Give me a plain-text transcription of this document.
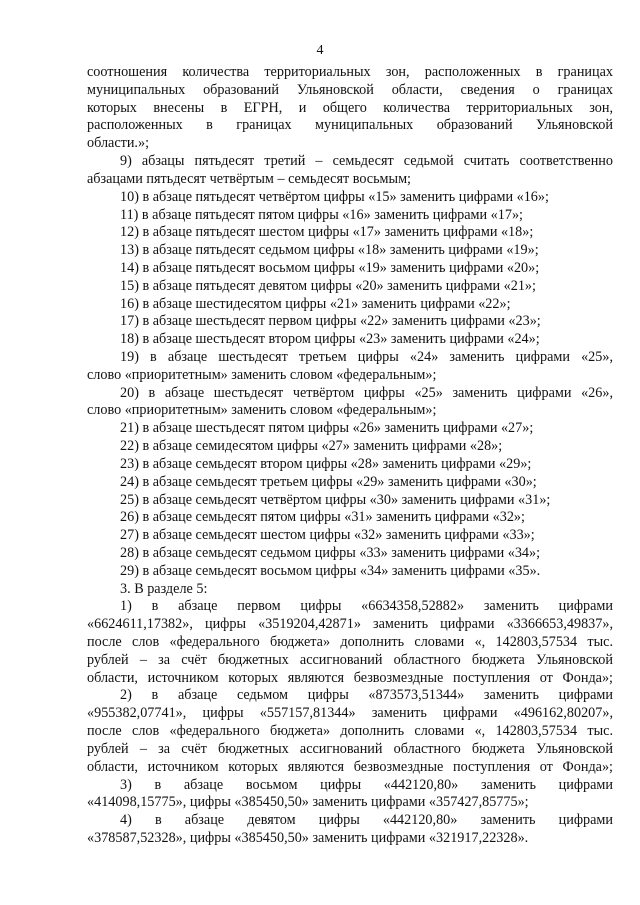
4
соотношения количества территориальных зон, расположенных в границах
муниципальных образований Ульяновской области, сведения о границах
которых внесены в ЕГРН, и общего количества территориальных зон,
расположенных в границах муниципальных образований Ульяновской
области.»;
9) абзацы пятьдесят третий – семьдесят седьмой считать соответственно
абзацами пятьдесят четвёртым – семьдесят восьмым;
10) в абзаце пятьдесят четвёртом цифры «15» заменить цифрами «16»;
11) в абзаце пятьдесят пятом цифры «16» заменить цифрами «17»;
12) в абзаце пятьдесят шестом цифры «17» заменить цифрами «18»;
13) в абзаце пятьдесят седьмом цифры «18» заменить цифрами «19»;
14) в абзаце пятьдесят восьмом цифры «19» заменить цифрами «20»;
15) в абзаце пятьдесят девятом цифры «20» заменить цифрами «21»;
16) в абзаце шестидесятом цифры «21» заменить цифрами «22»;
17) в абзаце шестьдесят первом цифры «22» заменить цифрами «23»;
18) в абзаце шестьдесят втором цифры «23» заменить цифрами «24»;
19) в абзаце шестьдесят третьем цифры «24» заменить цифрами «25»,
слово «приоритетным» заменить словом «федеральным»;
20) в абзаце шестьдесят четвёртом цифры «25» заменить цифрами «26»,
слово «приоритетным» заменить словом «федеральным»;
21) в абзаце шестьдесят пятом цифры «26» заменить цифрами «27»;
22) в абзаце семидесятом цифры «27» заменить цифрами «28»;
23) в абзаце семьдесят втором цифры «28» заменить цифрами «29»;
24) в абзаце семьдесят третьем цифры «29» заменить цифрами «30»;
25) в абзаце семьдесят четвёртом цифры «30» заменить цифрами «31»;
26) в абзаце семьдесят пятом цифры «31» заменить цифрами «32»;
27) в абзаце семьдесят шестом цифры «32» заменить цифрами «33»;
28) в абзаце семьдесят седьмом цифры «33» заменить цифрами «34»;
29) в абзаце семьдесят восьмом цифры «34» заменить цифрами «35».
3. В разделе 5:
1) в абзаце первом цифры «6634358,52882» заменить цифрами
«6624611,17382», цифры «3519204,42871» заменить цифрами «3366653,49837»,
после слов «федерального бюджета» дополнить словами «, 142803,57534 тыс.
рублей – за счёт бюджетных ассигнований областного бюджета Ульяновской
области, источником которых являются безвозмездные поступления от Фонда»;
2) в абзаце седьмом цифры «873573,51344» заменить цифрами
«955382,07741», цифры «557157,81344» заменить цифрами «496162,80207»,
после слов «федерального бюджета» дополнить словами «, 142803,57534 тыс.
рублей – за счёт бюджетных ассигнований областного бюджета Ульяновской
области, источником которых являются безвозмездные поступления от Фонда»;
3) в абзаце восьмом цифры «442120,80» заменить цифрами
«414098,15775», цифры «385450,50» заменить цифрами «357427,85775»;
4) в абзаце девятом цифры «442120,80» заменить цифрами
«378587,52328», цифры «385450,50» заменить цифрами «321917,22328».
